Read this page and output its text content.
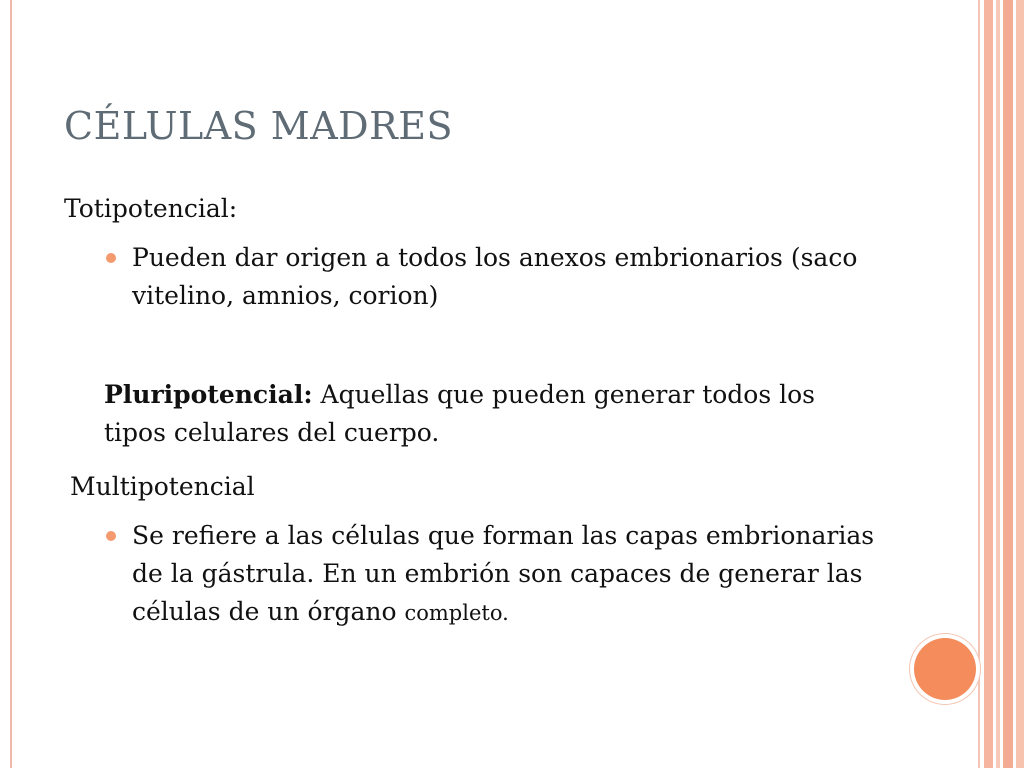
CÉLULAS MADRES
Totipotencial:
Pueden dar origen a todos los anexos embrionarios (saco vitelino, amnios, corion)
Pluripotencial: Aquellas que pueden generar todos los tipos celulares del cuerpo.
Multipotencial
Se refiere a las células que forman las capas embrionarias de la gástrula. En un embrión son capaces de generar las células de un órgano completo.
